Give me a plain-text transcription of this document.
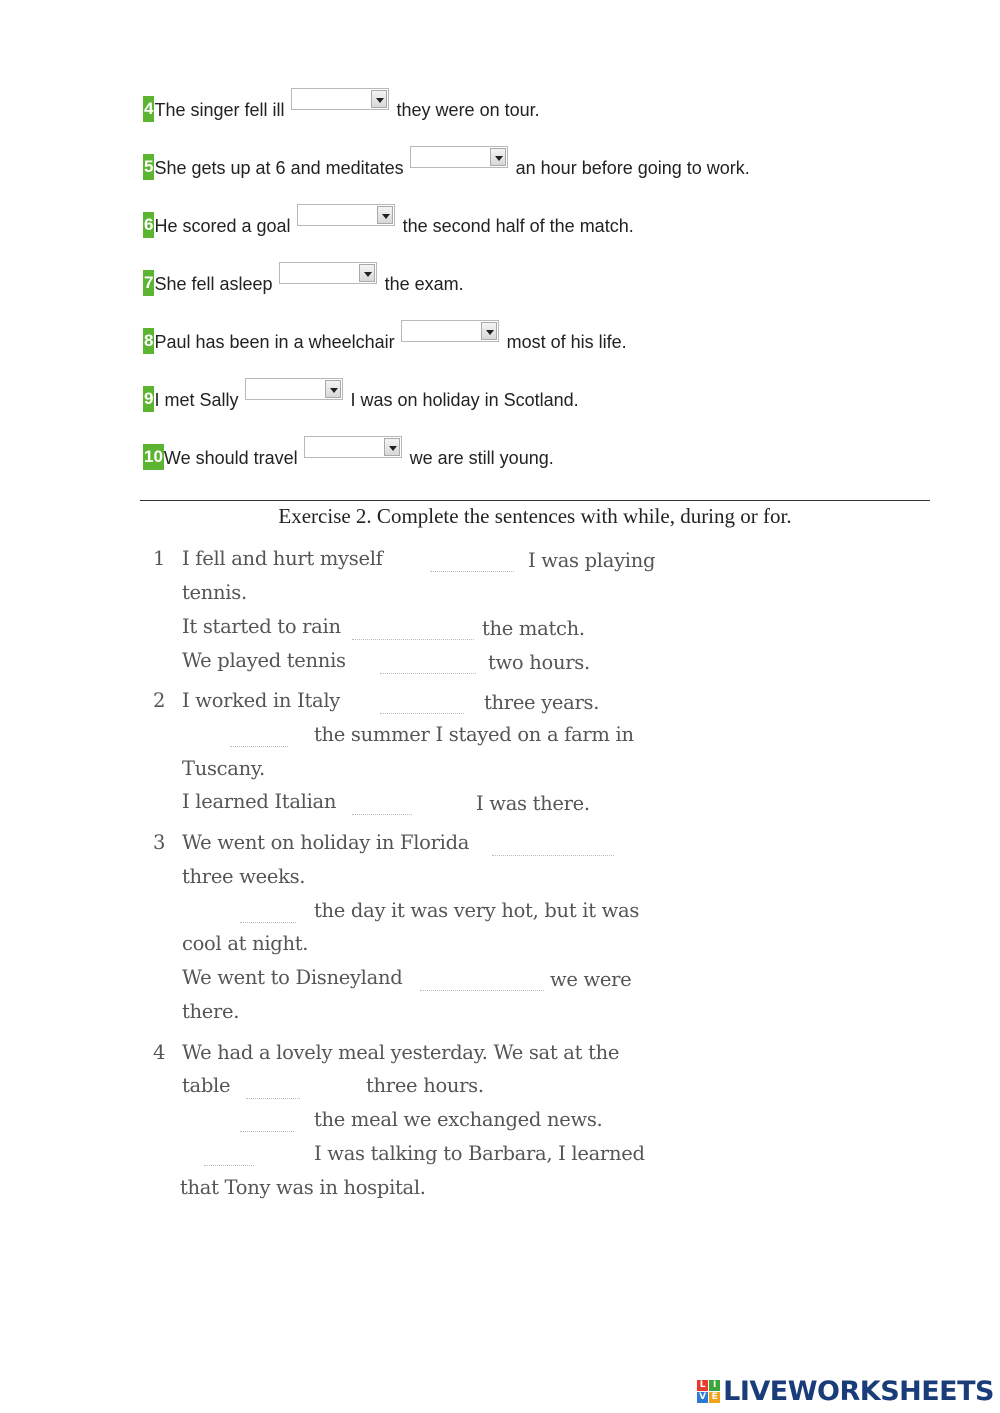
4 The singer fell ill	they were on tour.
5 She gets up at 6 and meditates	an hour before going to work.
6 He scored a goal	the second half of the match.
7 She fell asleep	the exam.
8 Paul has been in a wheelchair	most of his life.
9 I met Sally	I was on holiday in Scotland.
10 We should travel	we are still young.
Exercise 2. Complete the sentences with while, during or for.
1 I fell and hurt myself	I was playing
tennis.
It started to rain	the match.
We played tennis	two hours.
2 I worked in Italy	three years.
the summer I stayed on a farm in
Tuscany.
I learned Italian	I was there.
3 We went on holiday in Florida
three weeks.
the day it was very hot, but it was
cool at night.
We went to Disneyland	we were
there.
4 We had a lovely meal yesterday. We sat at the
table	three hours.
the meal we exchanged news.
I was talking to Barbara, I learned
that Tony was in hospital.
L I
V E LIVEWORKSHEETS
